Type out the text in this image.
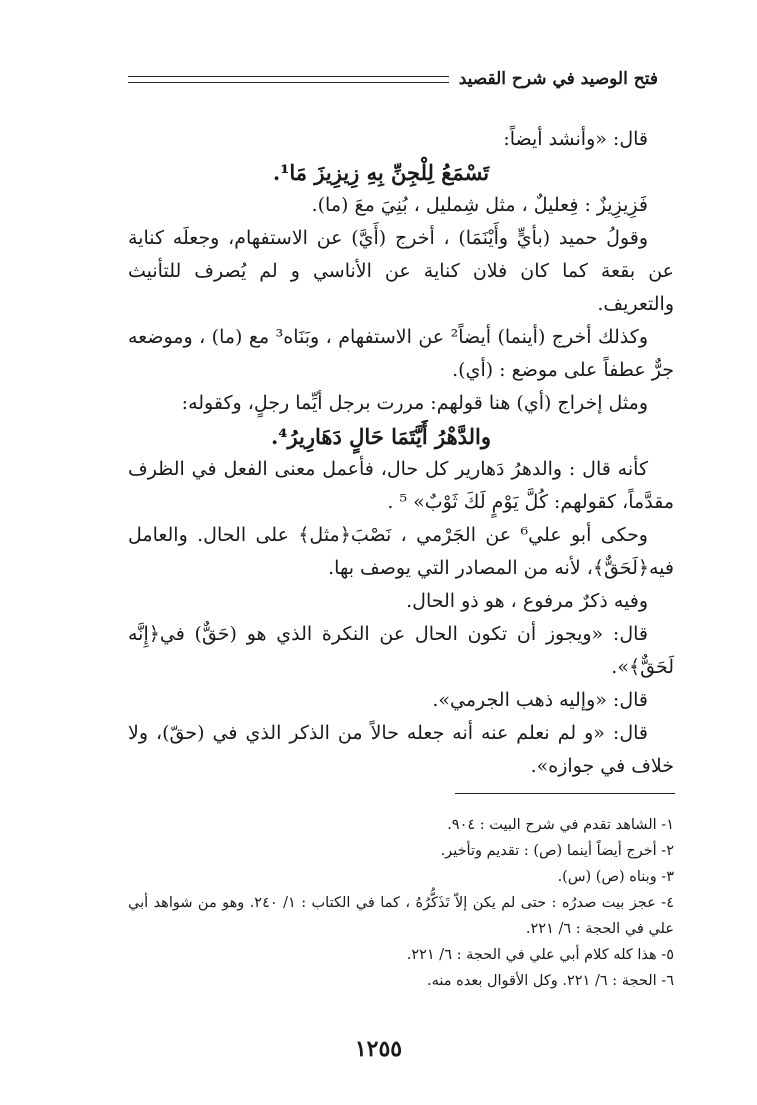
فتح الوصيد في شرح القصيد

قال: «وأنشد أيضاً:

تَسْمَعُ لِلْجِنِّ بِهِ زِيزِيزَ مَا¹.

فَزِيزِيزٌ : فِعليلٌ ، مثل شِمليل ، بُنِيَ معَ (ما).

وقولُ حميد (بأيٍّ وأَيْنَمَا) ، أخرج (أَيَّ) عن الاستفهام، وجعلَه كناية عن بقعة كما كان فلان كناية عن الأناسي و لم يُصرف للتأنيث والتعريف.

وكذلك أخرج (أينما) أيضاً² عن الاستفهام ، وبَنَاه³ مع (ما) ، وموضعه جرٌّ عطفاً على موضع : (أي).

ومثل إخراج (أي) هنا قولهم: مررت برجل أيِّما رجلٍ، وكقوله:

والدَّهْرُ أَيَّتَمَا حَالٍ دَهَارِيرُ⁴.

كأنه قال : والدهرُ دَهارير كل حال، فأعمل معنى الفعل في الظرف مقدَّماً، كقولهم: كُلَّ يَوْمٍ لَكَ ثَوْبٌ» ⁵ .

وحكى أبو علي⁶ عن الجَرْمي ، نَصْبَ﴿مثل﴾ على الحال. والعامل فيه﴿لَحَقٌّ﴾، لأنه من المصادر التي يوصف بها.

وفيه ذكرٌ مرفوع ، هو ذو الحال.

قال: «ويجوز أن تكون الحال عن النكرة الذي هو (حَقٌّ) في﴿إِنَّه لَحَقٌّ﴾».

قال: «وإليه ذهب الجرمي».

قال: «و لم نعلم عنه أنه جعله حالاً من الذكر الذي في (حقّ)، ولا خلاف في جوازه».

١- الشاهد تقدم في شرح البيت : ٩٠٤.

٢- أخرج أيضاً أينما (ص) : تقديم وتأخير.

٣- وبناه (ص) (س).

٤- عجز بيت صدرُه : حتى لم يكن إلاّ تَذَكُّرُهُ ، كما في الكتاب : ١/ ٢٤٠. وهو من شواهد أبي علي في الحجة : ٦/ ٢٢١.

٥- هذا كله كلام أبي علي في الحجة : ٦/ ٢٢١.

٦- الحجة : ٦/ ٢٢١. وكل الأقوال بعده منه.

١٢٥٥
